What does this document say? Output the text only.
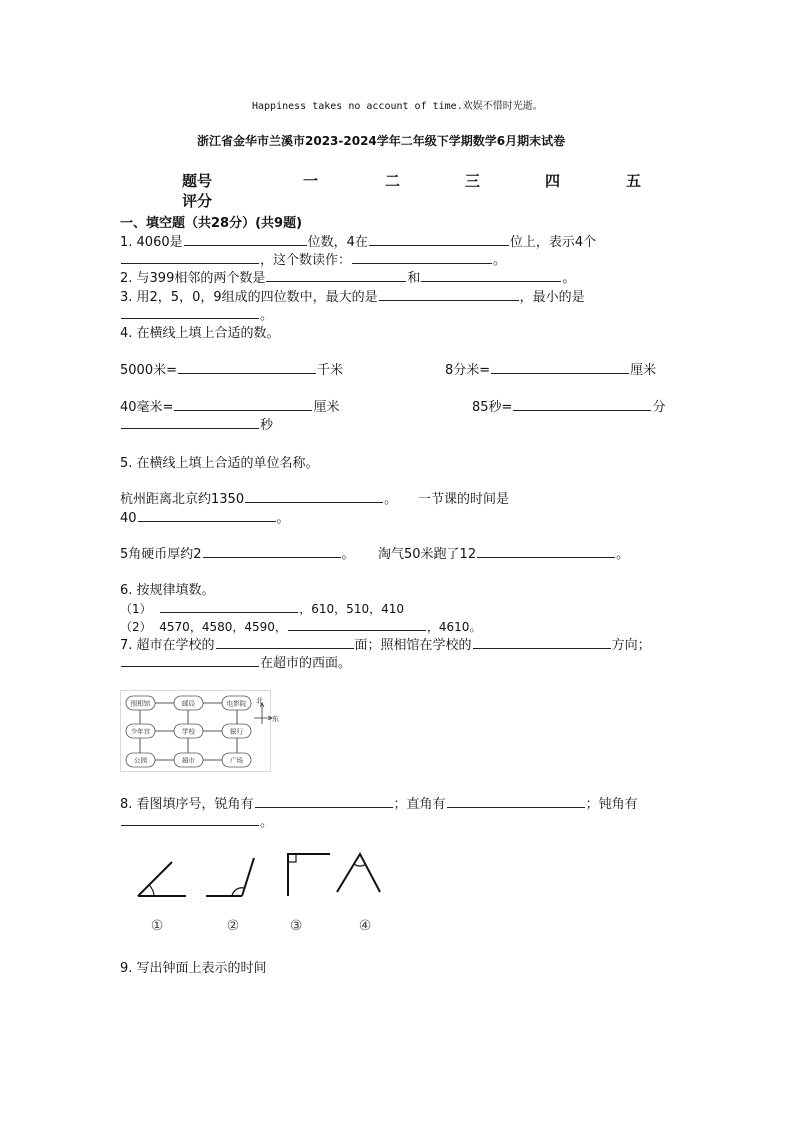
Happiness takes no account of time.欢娱不惜时光逝。
浙江省金华市兰溪市2023-2024学年二年级下学期数学6月期末试卷
题号	一	二	三	四	五
评分
一、填空题（共28分）(共9题)
1. 4060是	位数，4在	位上，表示4个
，这个数读作：	。
2. 与399相邻的两个数是	和	。
3. 用2，5，0，9组成的四位数中，最大的是	，最小的是
。
4. 在横线上填上合适的数。
5000米=	千米	8分米=	厘米
40毫米=	厘米	85秒=	分
秒
5. 在横线上填上合适的单位名称。
杭州距离北京约1350	。 一节课的时间是
40	。
5角硬币厚约2	。 淘气50米跑了12	。
6. 按规律填数。
（1）	，610，510，410
（2） 4570，4580，4590，	，4610。
7. 超市在学校的	面；照相馆在学校的	方向；
在超市的西面。
照相馆	邮局	电影院
少年宫	学校	银行
公园	超市	广场
北
东
8. 看图填序号，锐角有	；直角有	；钝角有
。
①	②	③	④
9. 写出钟面上表示的时间
